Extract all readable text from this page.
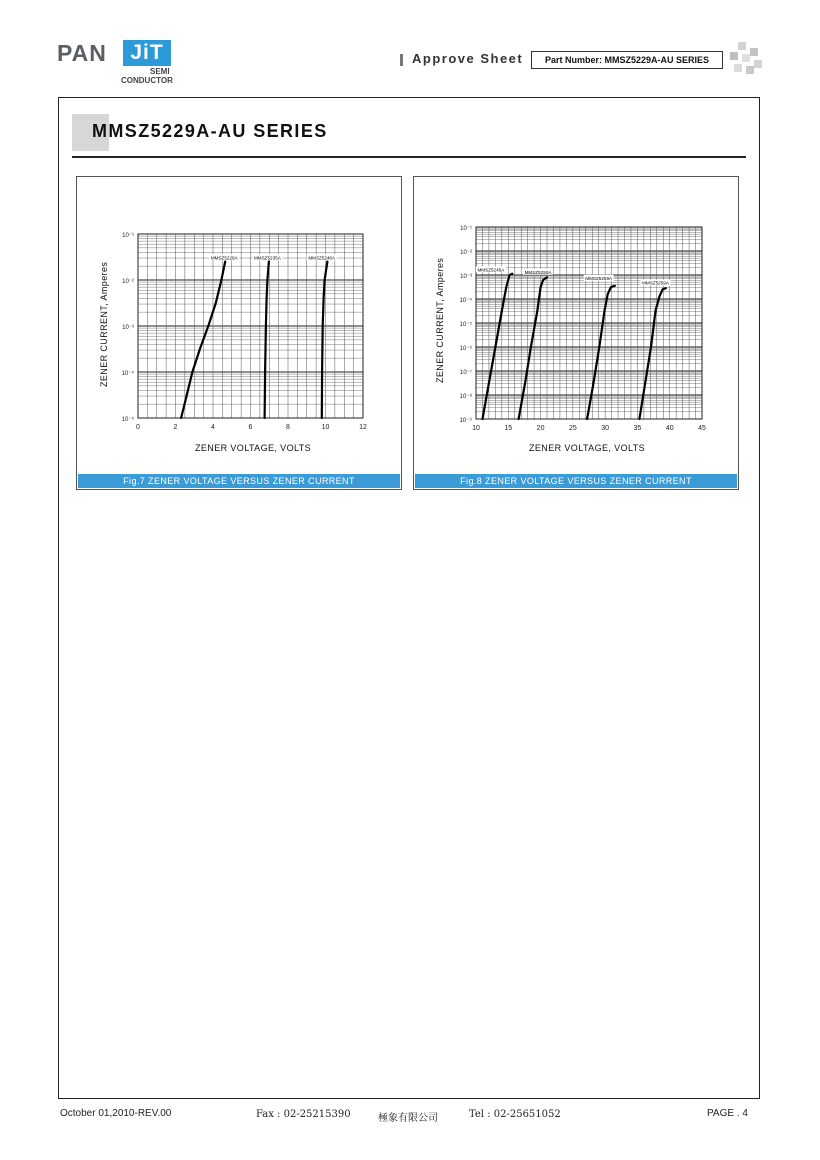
PAN	JiT
SEMI
CONDUCTOR
Approve Sheet	Part Number: MMSZ5229A-AU SERIES
MMSZ5229A-AU SERIES
0	2	4	6	8	10	12
10⁻¹
10⁻²
10⁻³
10⁻⁴
10⁻⁵
MMSZ5229A	MMSZ5235A	MMSZ5240A
ZENER CURRENT, Amperes
ZENER VOLTAGE, VOLTS
Fig.7 ZENER VOLTAGE VERSUS ZENER CURRENT
10	15	20	25	30	35	40	45
10⁻¹
10⁻²
10⁻³
10⁻⁴
10⁻⁵
10⁻⁶
10⁻⁷
10⁻⁸
10⁻⁹
MMSZ5245A	MMSZ5250A
MMSZ5256A
MMSZ5259A
ZENER CURRENT, Amperes
ZENER VOLTAGE, VOLTS
Fig.8 ZENER VOLTAGE VERSUS ZENER CURRENT
October 01,2010-REV.00	Fax : 02-25215390	極象有限公司	Tel : 02-25651052	PAGE . 4
